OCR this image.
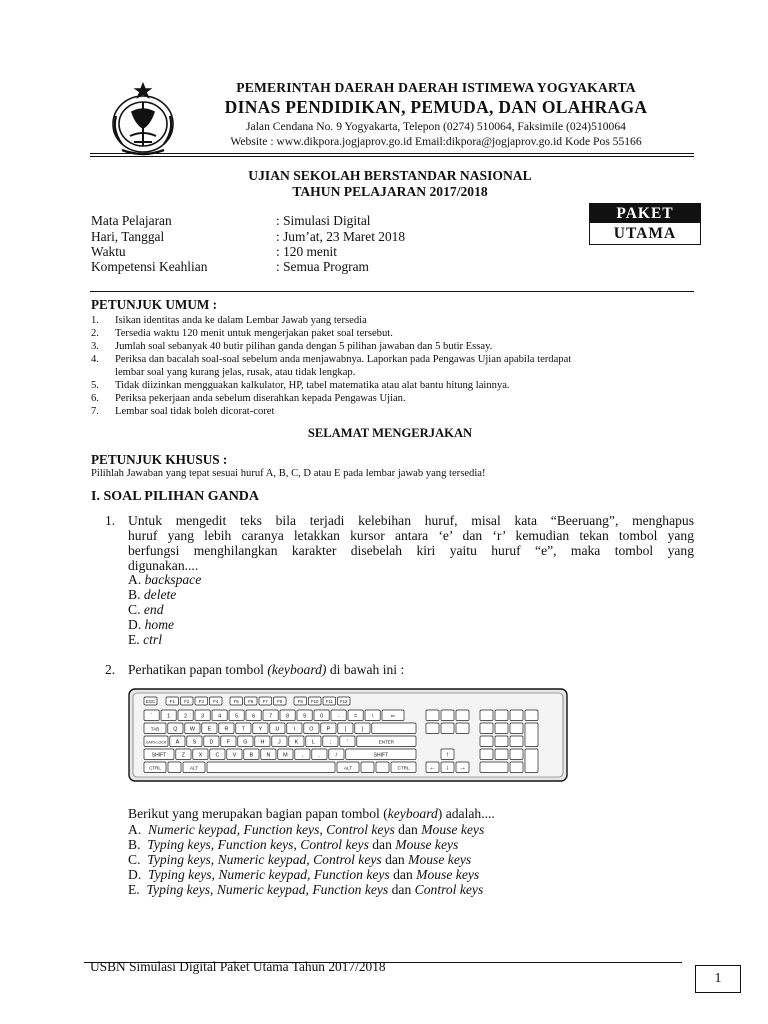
PEMERINTAH DAERAH DAERAH ISTIMEWA YOGYAKARTA
DINAS PENDIDIKAN, PEMUDA, DAN OLAHRAGA
Jalan Cendana No. 9 Yogyakarta, Telepon (0274) 510064, Faksimile (024)510064
Website : www.dikpora.jogjaprov.go.id Email:dikpora@jogjaprov.go.id Kode Pos 55166
UJIAN SEKOLAH BERSTANDAR NASIONAL
TAHUN PELAJARAN 2017/2018
Mata Pelajaran	: Simulasi Digital
Hari, Tanggal	: Jum’at, 23 Maret 2018
Waktu	: 120 menit
Kompetensi Keahlian	: Semua Program
PAKET
UTAMA
PETUNJUK UMUM :
1. Isikan identitas anda ke dalam Lembar Jawab yang tersedia
2. Tersedia waktu 120 menit untuk mengerjakan paket soal tersebut.
3. Jumlah soal sebanyak 40 butir pilihan ganda dengan 5 pilihan jawaban dan 5 butir Essay.
4. Periksa dan bacalah soal-soal sebelum anda menjawabnya. Laporkan pada Pengawas Ujian apabila terdapat
lembar soal yang kurang jelas, rusak, atau tidak lengkap.
5. Tidak diizinkan mengguakan kalkulator, HP, tabel matematika atau alat bantu hitung lainnya.
6. Periksa pekerjaan anda sebelum diserahkan kepada Pengawas Ujian.
7. Lembar soal tidak boleh dicorat-coret
SELAMAT MENGERJAKAN
PETUNJUK KHUSUS :
Pilihlah Jawaban yang tepat sesuai huruf A, B, C, D atau E pada lembar jawab yang tersedia!
I. SOAL PILIHAN GANDA
1. Untuk mengedit teks bila terjadi kelebihan huruf, misal kata “Beeruang”, menghapus
huruf yang lebih caranya letakkan kursor antara ‘e’ dan ‘r’ kemudian tekan tombol yang
berfungsi menghilangkan karakter disebelah kiri yaitu huruf “e”, maka tombol yang
digunakan....
A. backspace
B. delete
C. end
D. home
E. ctrl
2. Perhatikan papan tombol (keyboard) di bawah ini :
ESC	F1 F2 F3 F4	F5 F6 F7 F8	F9 F10 F11 F12
`	1	2	3	4	5	6	7	8	9	0	-	=	\	⇐
TAB	Q W E R T	Y U	I	O P	[	]
CAPS LOCK A S D F G H	J	K	L	;	'	ENTER
SHIFT	Z	X C V B N M	,	.	/	SHIFT
CTRL	ALT	ALT	CTRL
↑
← ↓ →
Berikut yang merupakan bagian papan tombol (keyboard) adalah....
A. Numeric keypad, Function keys, Control keys dan Mouse keys
B. Typing keys, Function keys, Control keys dan Mouse keys
C. Typing keys, Numeric keypad, Control keys dan Mouse keys
D. Typing keys, Numeric keypad, Function keys dan Mouse keys
E. Typing keys, Numeric keypad, Function keys dan Control keys
USBN Simulasi Digital Paket Utama Tahun 2017/2018
1
